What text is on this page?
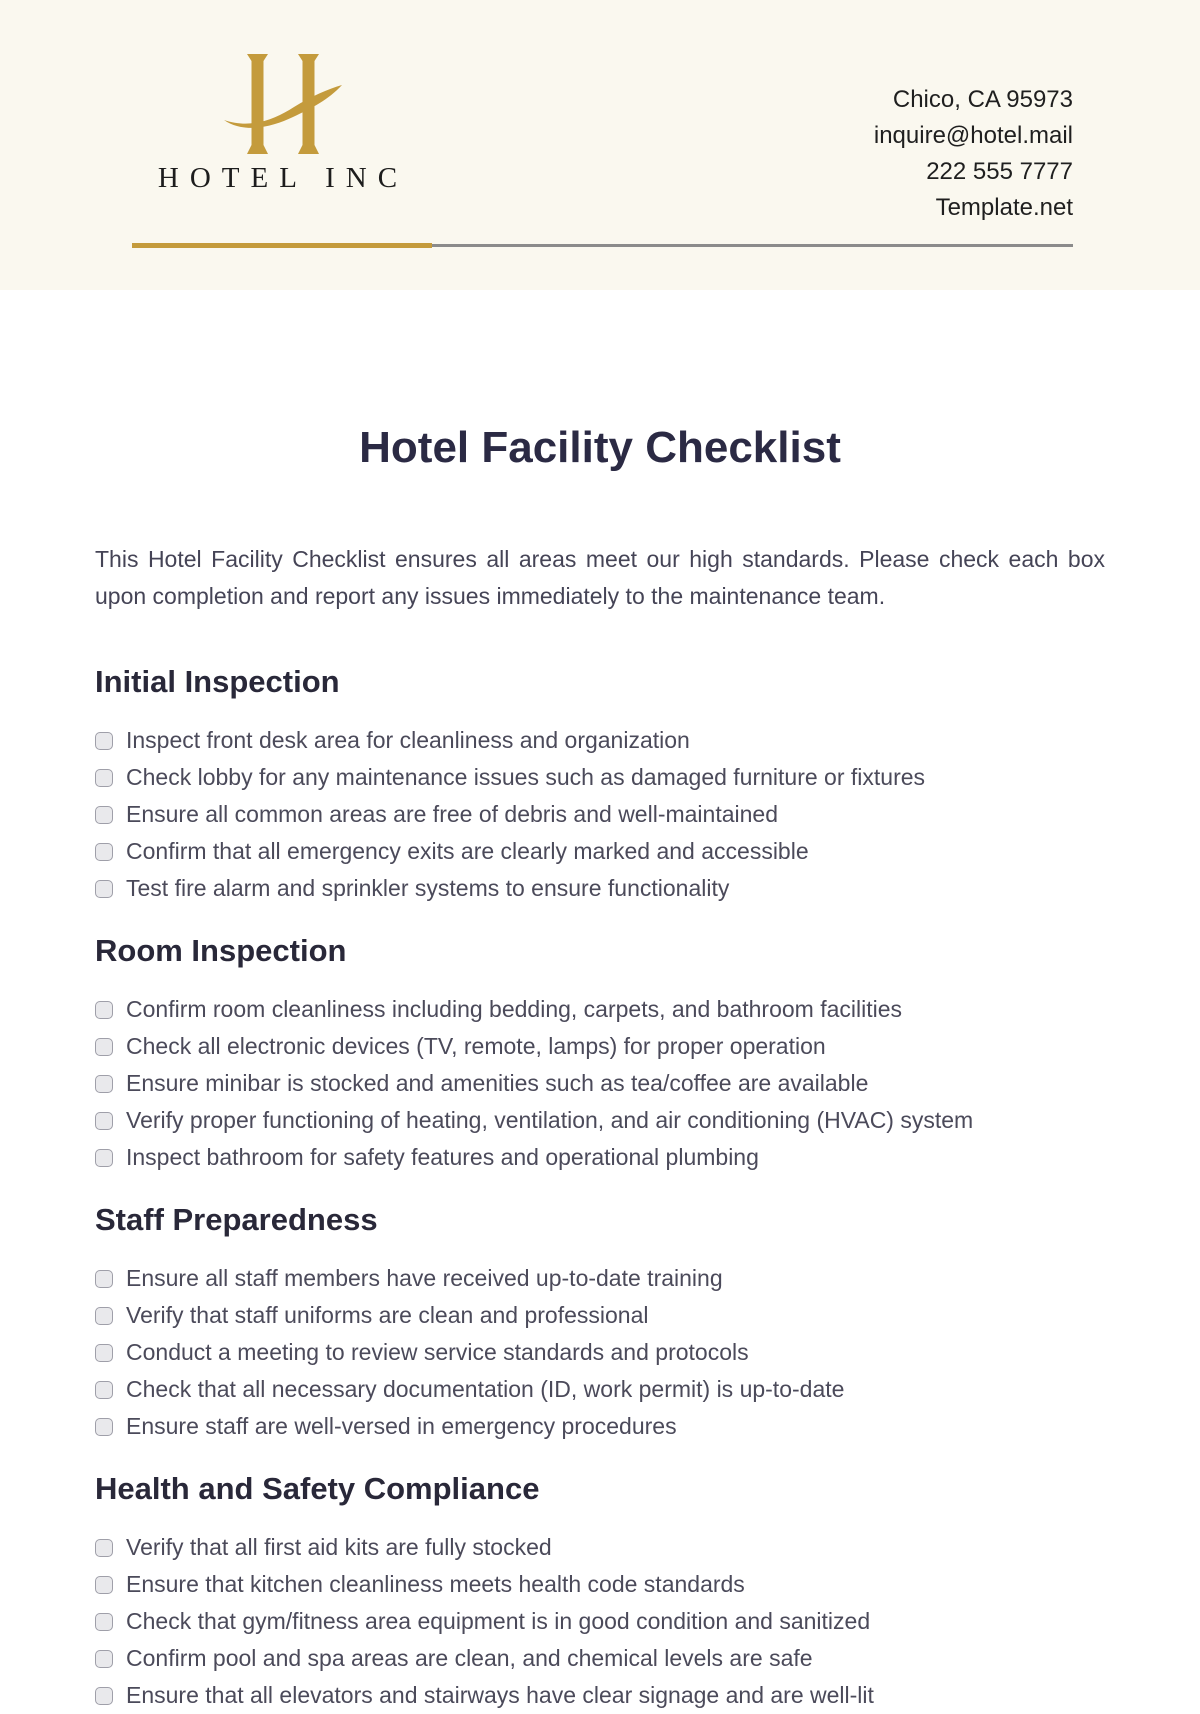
HOTEL INC
Chico, CA 95973
inquire@hotel.mail
222 555 7777
Template.net
Hotel Facility Checklist

This Hotel Facility Checklist ensures all areas meet our high standards. Please check each box upon completion and report any issues immediately to the maintenance team.

Initial Inspection
Inspect front desk area for cleanliness and organization
Check lobby for any maintenance issues such as damaged furniture or fixtures
Ensure all common areas are free of debris and well-maintained
Confirm that all emergency exits are clearly marked and accessible
Test fire alarm and sprinkler systems to ensure functionality
Room Inspection
Confirm room cleanliness including bedding, carpets, and bathroom facilities
Check all electronic devices (TV, remote, lamps) for proper operation
Ensure minibar is stocked and amenities such as tea/coffee are available
Verify proper functioning of heating, ventilation, and air conditioning (HVAC) system
Inspect bathroom for safety features and operational plumbing
Staff Preparedness
Ensure all staff members have received up-to-date training
Verify that staff uniforms are clean and professional
Conduct a meeting to review service standards and protocols
Check that all necessary documentation (ID, work permit) is up-to-date
Ensure staff are well-versed in emergency procedures
Health and Safety Compliance
Verify that all first aid kits are fully stocked
Ensure that kitchen cleanliness meets health code standards
Check that gym/fitness area equipment is in good condition and sanitized
Confirm pool and spa areas are clean, and chemical levels are safe
Ensure that all elevators and stairways have clear signage and are well-lit
